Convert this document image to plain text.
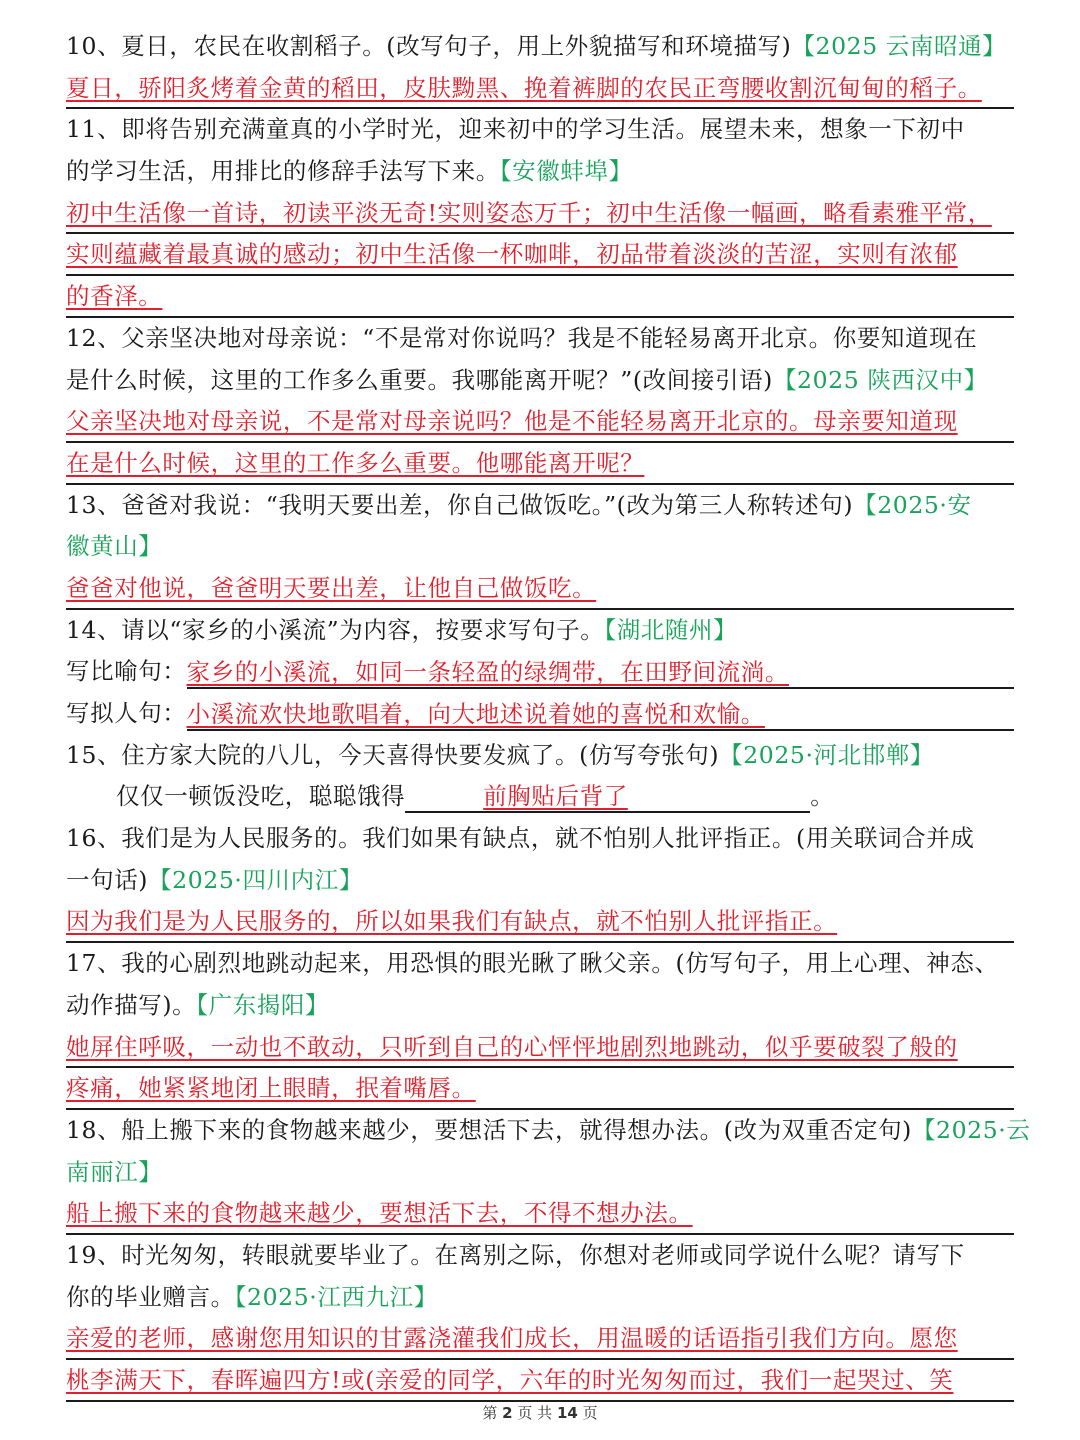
10、夏日，农民在收割稻子。(改写句子，用上外貌描写和环境描写)【2025 云南昭通】
夏日，骄阳炙烤着金黄的稻田，皮肤黝黑、挽着裤脚的农民正弯腰收割沉甸甸的稻子。
11、即将告别充满童真的小学时光，迎来初中的学习生活。展望未来，想象一下初中
的学习生活，用排比的修辞手法写下来。【安徽蚌埠】
初中生活像一首诗，初读平淡无奇!实则姿态万千；初中生活像一幅画，略看素雅平常，
实则蕴藏着最真诚的感动；初中生活像一杯咖啡，初品带着淡淡的苦涩，实则有浓郁
的香泽。
12、父亲坚决地对母亲说：“不是常对你说吗？我是不能轻易离开北京。你要知道现在
是什么时候，这里的工作多么重要。我哪能离开呢？”(改间接引语)【2025 陕西汉中】
父亲坚决地对母亲说，不是常对母亲说吗？他是不能轻易离开北京的。母亲要知道现
在是什么时候，这里的工作多么重要。他哪能离开呢？
13、爸爸对我说：“我明天要出差，你自己做饭吃。”(改为第三人称转述句)【2025·安
徽黄山】
爸爸对他说，爸爸明天要出差，让他自己做饭吃。
14、请以“家乡的小溪流”为内容，按要求写句子。【湖北随州】
写比喻句： 家乡的小溪流，如同一条轻盈的绿绸带，在田野间流淌。
写拟人句： 小溪流欢快地歌唱着，向大地述说着她的喜悦和欢愉。
15、住方家大院的八儿，今天喜得快要发疯了。(仿写夸张句)【2025·河北邯郸】
仅仅一顿饭没吃，聪聪饿得	前胸贴后背了	。
16、我们是为人民服务的。我们如果有缺点，就不怕别人批评指正。(用关联词合并成
一句话)【2025·四川内江】
因为我们是为人民服务的，所以如果我们有缺点，就不怕别人批评指正。
17、我的心剧烈地跳动起来，用恐惧的眼光瞅了瞅父亲。(仿写句子，用上心理、神态、
动作描写)。【广东揭阳】
她屏住呼吸，一动也不敢动，只听到自己的心怦怦地剧烈地跳动，似乎要破裂了般的
疼痛，她紧紧地闭上眼睛，抿着嘴唇。
18、船上搬下来的食物越来越少，要想活下去，就得想办法。(改为双重否定句)【2025·云
南丽江】
船上搬下来的食物越来越少，要想活下去，不得不想办法。
19、时光匆匆，转眼就要毕业了。在离别之际，你想对老师或同学说什么呢？请写下
你的毕业赠言。【2025·江西九江】
亲爱的老师，感谢您用知识的甘露浇灌我们成长，用温暖的话语指引我们方向。愿您
桃李满天下，春晖遍四方!或(亲爱的同学，六年的时光匆匆而过，我们一起哭过、笑
第 2 页 共 14 页
